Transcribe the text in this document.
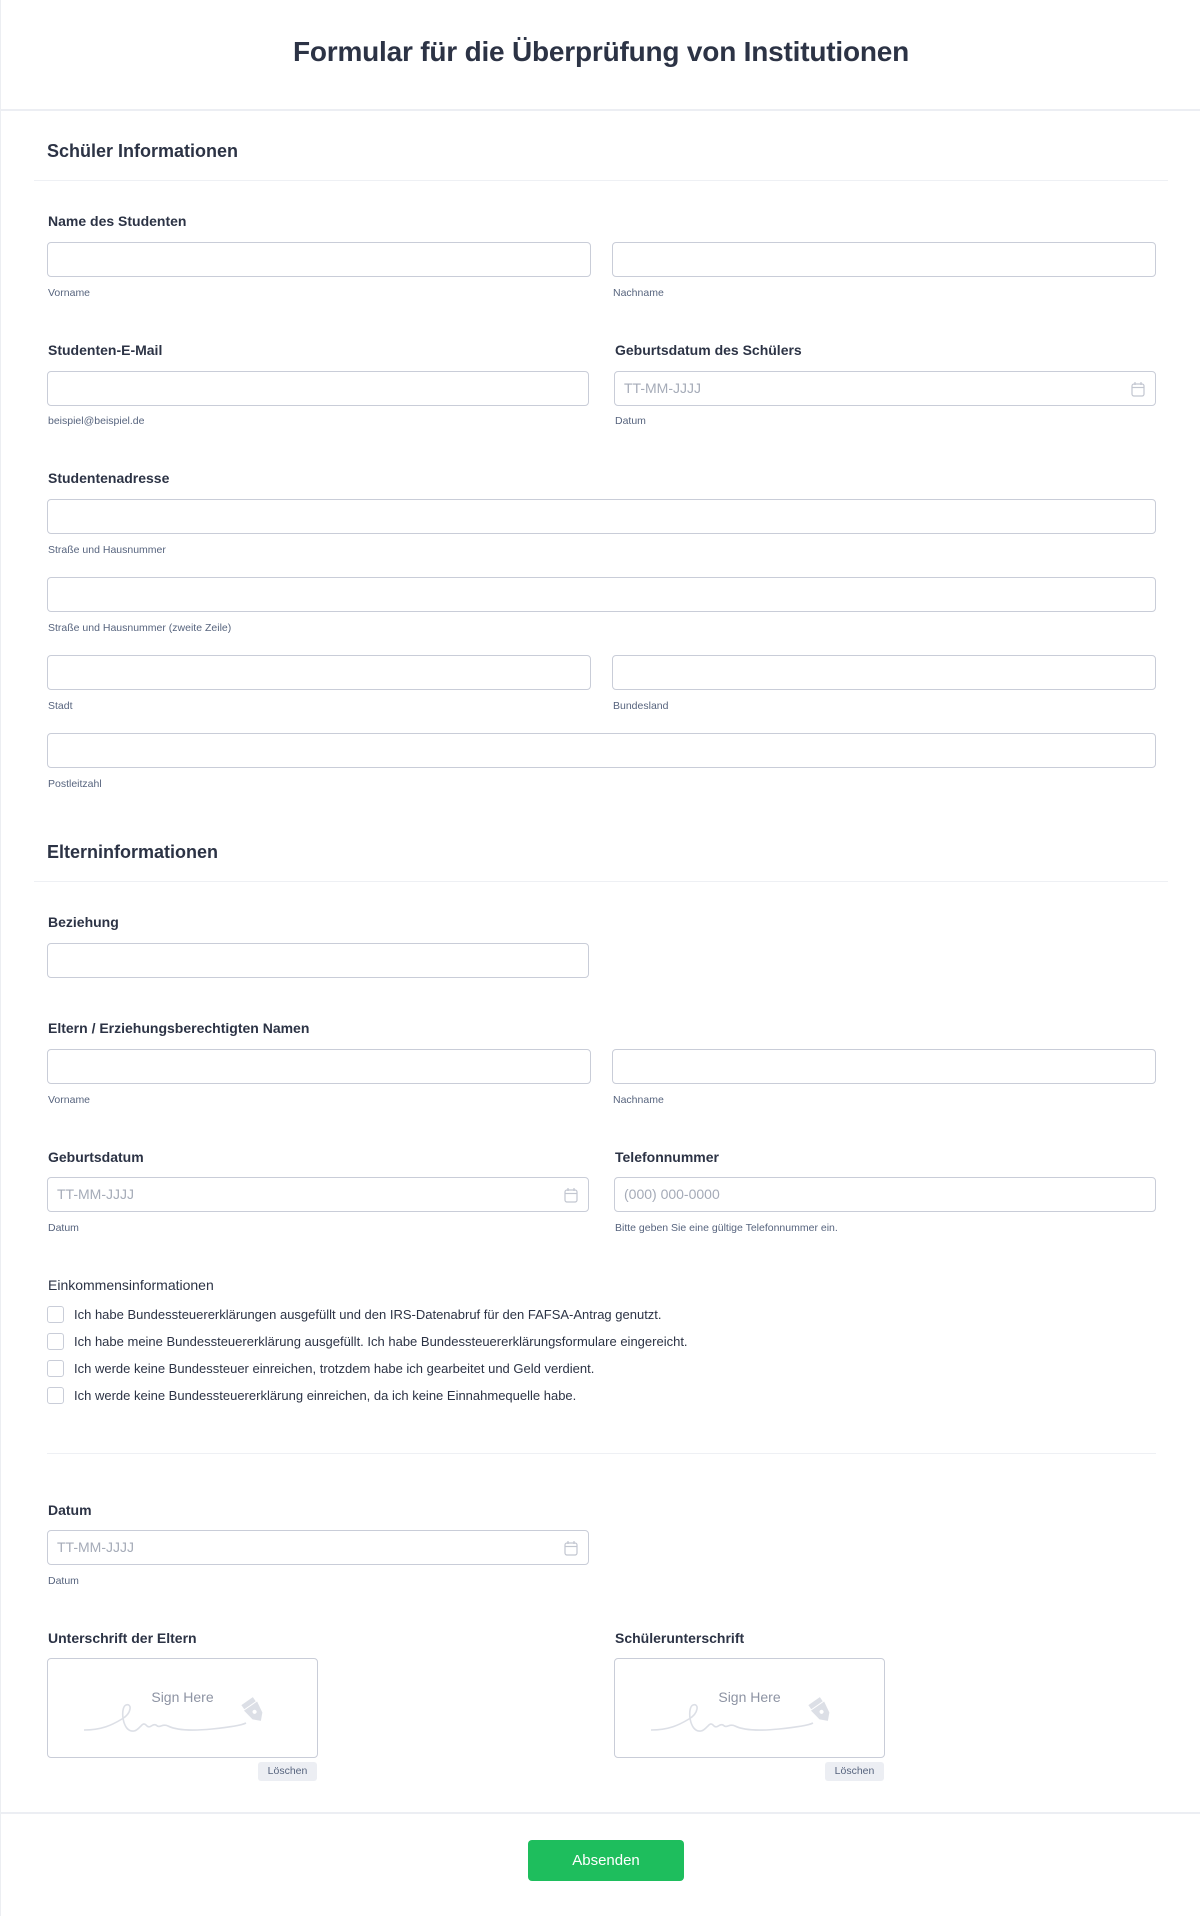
Formular für die Überprüfung von Institutionen
Schüler Informationen
Name des Studenten
Vorname	Nachname
Studenten-E-Mail
beispiel@beispiel.de
Geburtsdatum des Schülers
TT-MM-JJJJ
Datum
Studentenadresse
Straße und Hausnummer
Straße und Hausnummer (zweite Zeile)
Stadt	Bundesland
Postleitzahl
Elterninformationen
Beziehung
Eltern / Erziehungsberechtigten Namen
Vorname	Nachname
Geburtsdatum
TT-MM-JJJJ
Datum
Telefonnummer
(000) 000-0000
Bitte geben Sie eine gültige Telefonnummer ein.
Einkommensinformationen
Ich habe Bundessteuererklärungen ausgefüllt und den IRS-Datenabruf für den FAFSA-Antrag genutzt.
Ich habe meine Bundessteuererklärung ausgefüllt. Ich habe Bundessteuererklärungsformulare eingereicht.
Ich werde keine Bundessteuer einreichen, trotzdem habe ich gearbeitet und Geld verdient.
Ich werde keine Bundessteuererklärung einreichen, da ich keine Einnahmequelle habe.
Datum
TT-MM-JJJJ
Datum
Unterschrift der Eltern
Sign Here
Löschen
Schülerunterschrift
Sign Here
Löschen
Absenden
